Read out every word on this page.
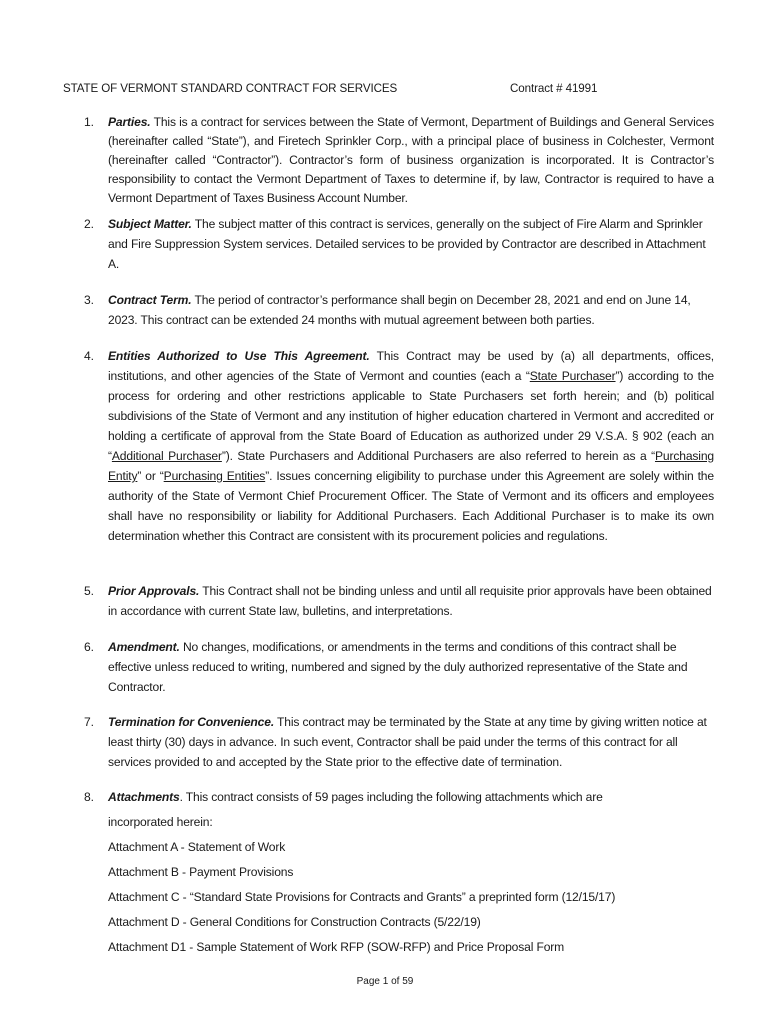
STATE OF VERMONT STANDARD CONTRACT FOR SERVICES	Contract # 41991
1. Parties. This is a contract for services between the State of Vermont, Department of Buildings and General Services (hereinafter called “State”), and Firetech Sprinkler Corp., with a principal place of business in Colchester, Vermont (hereinafter called “Contractor”). Contractor’s form of business organization is incorporated. It is Contractor’s responsibility to contact the Vermont Department of Taxes to determine if, by law, Contractor is required to have a Vermont Department of Taxes Business Account Number.
2. Subject Matter. The subject matter of this contract is services, generally on the subject of Fire Alarm and Sprinkler and Fire Suppression System services. Detailed services to be provided by Contractor are described in Attachment A.
3. Contract Term. The period of contractor’s performance shall begin on December 28, 2021 and end on June 14, 2023. This contract can be extended 24 months with mutual agreement between both parties.
4. Entities Authorized to Use This Agreement. This Contract may be used by (a) all departments, offices, institutions, and other agencies of the State of Vermont and counties (each a “State Purchaser”) according to the process for ordering and other restrictions applicable to State Purchasers set forth herein; and (b) political subdivisions of the State of Vermont and any institution of higher education chartered in Vermont and accredited or holding a certificate of approval from the State Board of Education as authorized under 29 V.S.A. § 902 (each an “Additional Purchaser”). State Purchasers and Additional Purchasers are also referred to herein as a “Purchasing Entity” or “Purchasing Entities”. Issues concerning eligibility to purchase under this Agreement are solely within the authority of the State of Vermont Chief Procurement Officer. The State of Vermont and its officers and employees shall have no responsibility or liability for Additional Purchasers. Each Additional Purchaser is to make its own determination whether this Contract are consistent with its procurement policies and regulations.
5. Prior Approvals. This Contract shall not be binding unless and until all requisite prior approvals have been obtained in accordance with current State law, bulletins, and interpretations.
6. Amendment. No changes, modifications, or amendments in the terms and conditions of this contract shall be effective unless reduced to writing, numbered and signed by the duly authorized representative of the State and Contractor.
7. Termination for Convenience. This contract may be terminated by the State at any time by giving written notice at least thirty (30) days in advance. In such event, Contractor shall be paid under the terms of this contract for all services provided to and accepted by the State prior to the effective date of termination.
8. Attachments. This contract consists of 59 pages including the following attachments which are
incorporated herein:
Attachment A - Statement of Work
Attachment B - Payment Provisions
Attachment C - “Standard State Provisions for Contracts and Grants” a preprinted form (12/15/17)
Attachment D - General Conditions for Construction Contracts (5/22/19)
Attachment D1 - Sample Statement of Work RFP (SOW-RFP) and Price Proposal Form
Page 1 of 59
